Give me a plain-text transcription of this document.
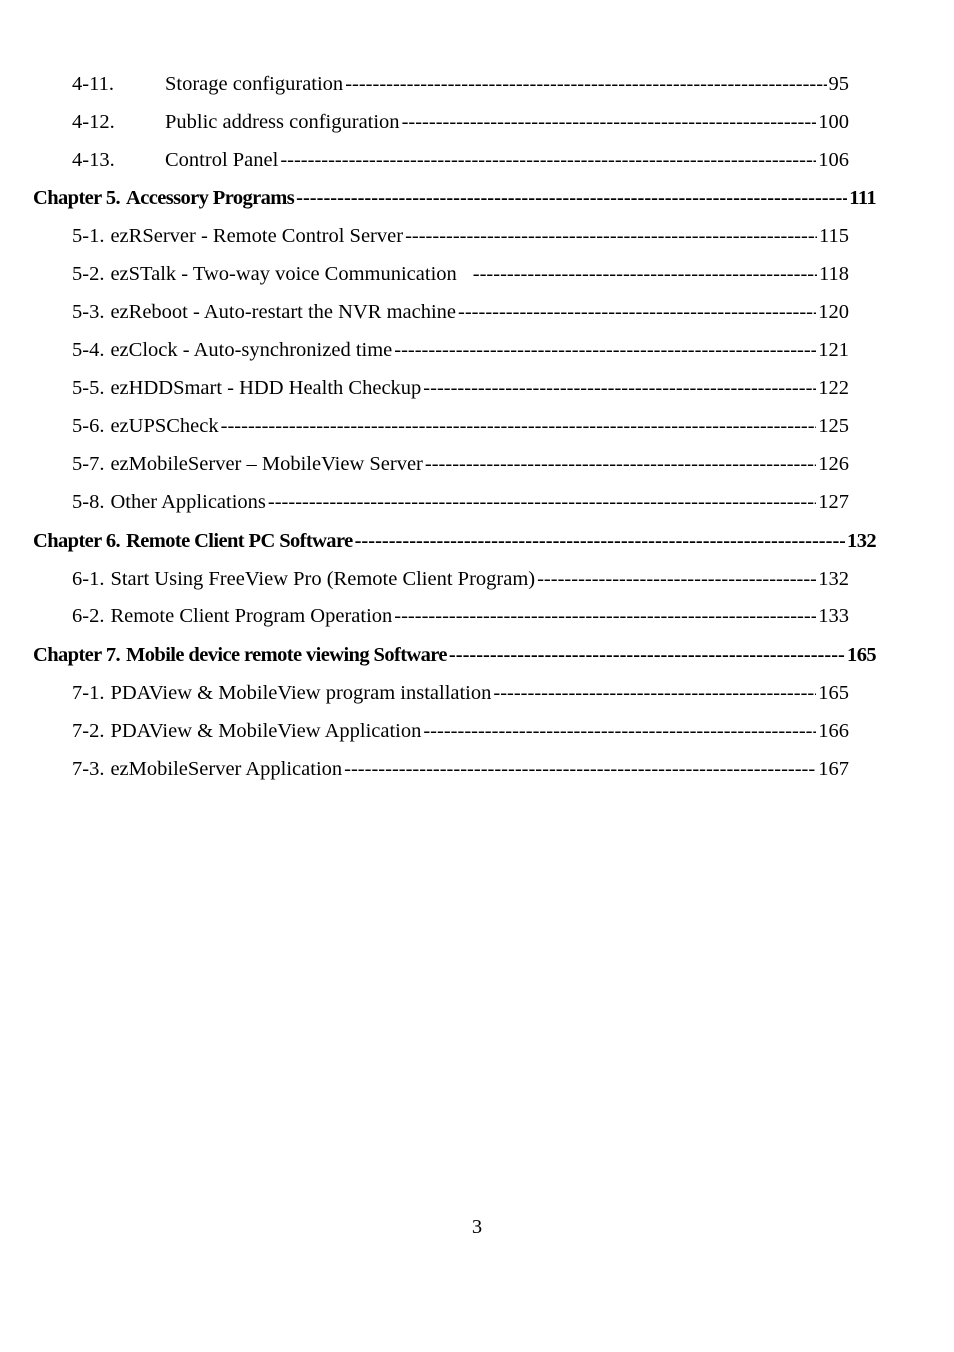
4-11.	Storage configuration -----	95
4-12.	Public address configuration -----	100
4-13.	Control Panel -----	106
Chapter 5. Accessory Programs -----	111
5-1. ezRServer - Remote Control Server -----	115
5-2. ezSTalk - Two-way voice Communication -----	118
5-3. ezReboot - Auto-restart the NVR machine -----	120
5-4. ezClock - Auto-synchronized time -----	121
5-5. ezHDDSmart - HDD Health Checkup -----	122
5-6. ezUPSCheck -----	125
5-7. ezMobileServer – MobileView Server -----	126
5-8. Other Applications -----	127
Chapter 6. Remote Client PC Software -----	132
6-1. Start Using FreeView Pro (Remote Client Program) -----	132
6-2. Remote Client Program Operation -----	133
Chapter 7. Mobile device remote viewing Software -----	165
7-1. PDAView & MobileView program installation -----	165
7-2. PDAView & MobileView Application -----	166
7-3. ezMobileServer Application -----	167
3
